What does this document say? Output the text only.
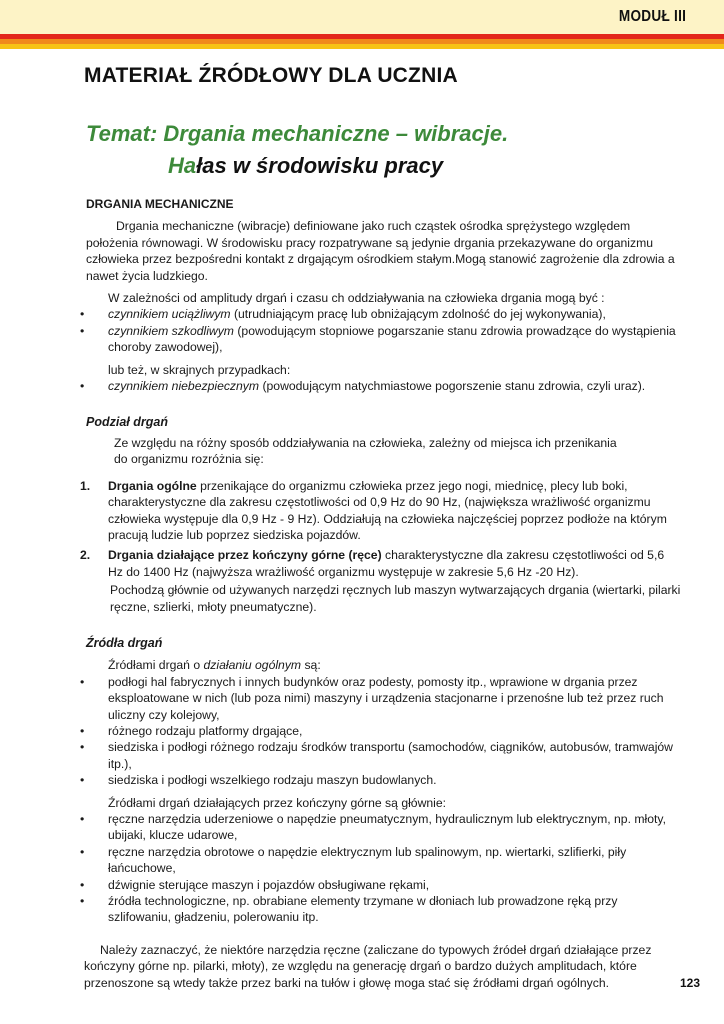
MODUŁ III
MATERIAŁ ŹRÓDŁOWY DLA UCZNIA
Temat: Drgania mechaniczne – wibracje.
Hałas w środowisku pracy
DRGANIA MECHANICZNE

Drgania mechaniczne (wibracje) definiowane jako ruch cząstek ośrodka sprężystego względem położenia równowagi. W środowisku pracy rozpatrywane są jedynie drgania przekazywane do organizmu człowieka przez bezpośredni kontakt z drgającym ośrodkiem stałym.Mogą stanowić zagrożenie dla zdrowia a nawet życia ludzkiego.

W zależności od amplitudy drgań i czasu ch oddziaływania na człowieka drgania mogą być :

• czynnikiem uciążliwym (utrudniającym pracę lub obniżającym zdolność do jej wykonywania),
• czynnikiem szkodliwym (powodującym stopniowe pogarszanie stanu zdrowia prowadzące do wystąpienia choroby zawodowej),

lub też, w skrajnych przypadkach:

• czynnikiem niebezpiecznym (powodującym natychmiastowe pogorszenie stanu zdrowia, czyli uraz).
Podział drgań

Ze względu na różny sposób oddziaływania na człowieka, zależny od miejsca ich przenikania do organizmu rozróżnia się:

1. Drgania ogólne przenikające do organizmu człowieka przez jego nogi, miednicę, plecy lub boki, charakterystyczne dla zakresu częstotliwości od 0,9 Hz do 90 Hz, (największa wrażliwość organizmu człowieka występuje dla 0,9 Hz - 9 Hz). Oddziałują na człowieka najczęściej poprzez podłoże na którym pracują ludzie lub poprzez siedziska pojazdów.
2. Drgania działające przez kończyny górne (ręce) charakterystyczne dla zakresu częstotliwości od 5,6 Hz do 1400 Hz (najwyższa wrażliwość organizmu występuje w zakresie 5,6 Hz -20 Hz).
Pochodzą głównie od używanych narzędzi ręcznych lub maszyn wytwarzających drgania (wiertarki, pilarki ręczne, szlierki, młoty pneumatyczne).
Źródła drgań

Źródłami drgań o działaniu ogólnym są:

• podłogi hal fabrycznych i innych budynków oraz podesty, pomosty itp., wprawione w drgania przez eksploatowane w nich (lub poza nimi) maszyny i urządzenia stacjonarne i przenośne lub też przez ruch uliczny czy kolejowy,
• różnego rodzaju platformy drgające,
• siedziska i podłogi różnego rodzaju środków transportu (samochodów, ciągników, autobusów, tramwajów itp.),
• siedziska i podłogi wszelkiego rodzaju maszyn budowlanych.

Źródłami drgań działających przez kończyny górne są głównie:

• ręczne narzędzia uderzeniowe o napędzie pneumatycznym, hydraulicznym lub elektrycznym, np. młoty, ubijaki, klucze udarowe,
• ręczne narzędzia obrotowe o napędzie elektrycznym lub spalinowym, np. wiertarki, szlifierki, piły łańcuchowe,
• dźwignie sterujące maszyn i pojazdów obsługiwane rękami,
• źródła technologiczne, np. obrabiane elementy trzymane w dłoniach lub prowadzone ręką przy szlifowaniu, gładzeniu, polerowaniu itp.

Należy zaznaczyć, że niektóre narzędzia ręczne (zaliczane do typowych źródeł drgań działające przez kończyny górne np. pilarki, młoty), ze względu na generację drgań o bardzo dużych amplitudach, które przenoszone są wtedy także przez barki na tułów i głowę moga stać się źródłami drgań ogólnych.	123
